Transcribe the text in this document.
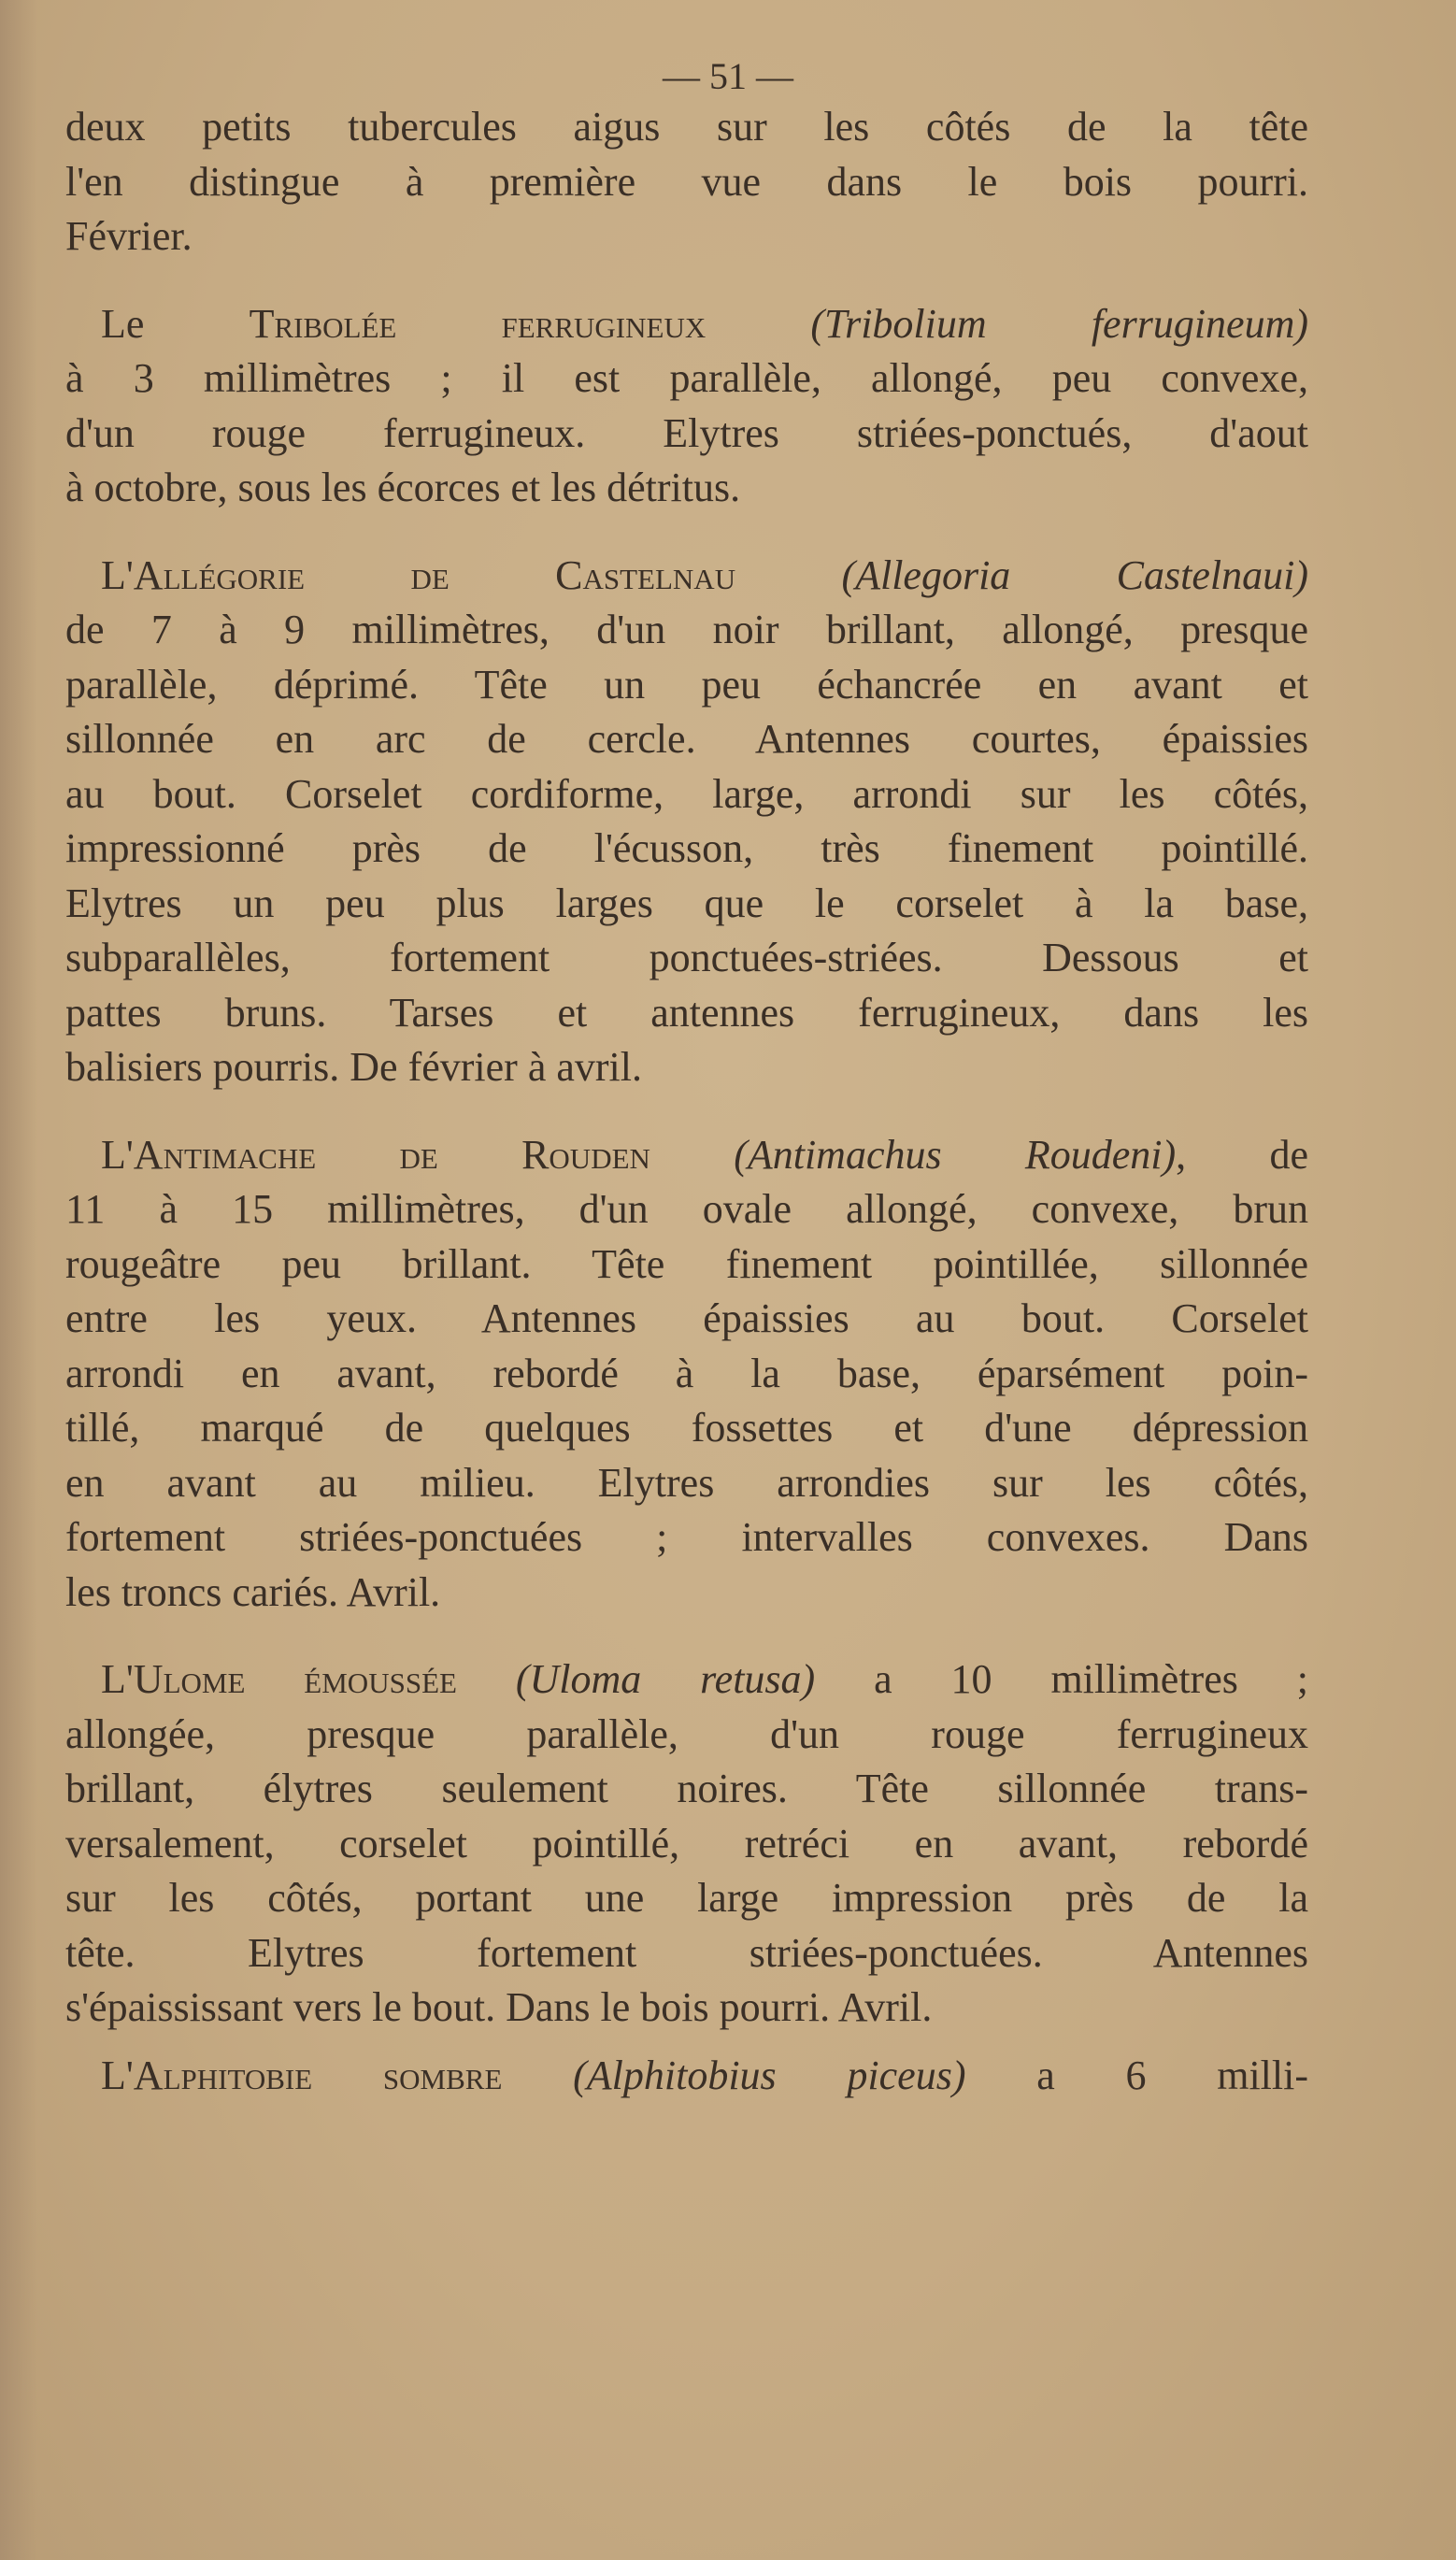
— 51 —
deux petits tubercules aigus sur les côtés de la tête
l'en distingue à première vue dans le bois pourri.
Février.
Le Tribolée ferrugineux (Tribolium ferrugineum)
à 3 millimètres ; il est parallèle, allongé, peu convexe,
d'un rouge ferrugineux. Elytres striées-ponctués, d'aout
à octobre, sous les écorces et les détritus.
L'Allégorie de Castelnau (Allegoria Castelnaui)
de 7 à 9 millimètres, d'un noir brillant, allongé, presque
parallèle, déprimé. Tête un peu échancrée en avant et
sillonnée en arc de cercle. Antennes courtes, épaissies
au bout. Corselet cordiforme, large, arrondi sur les côtés,
impressionné près de l'écusson, très finement pointillé.
Elytres un peu plus larges que le corselet à la base,
subparallèles, fortement ponctuées-striées. Dessous et
pattes bruns. Tarses et antennes ferrugineux, dans les
balisiers pourris. De février à avril.
L'Antimache de Rouden (Antimachus Roudeni), de
11 à 15 millimètres, d'un ovale allongé, convexe, brun
rougeâtre peu brillant. Tête finement pointillée, sillonnée
entre les yeux. Antennes épaissies au bout. Corselet
arrondi en avant, rebordé à la base, éparsément poin-
tillé, marqué de quelques fossettes et d'une dépression
en avant au milieu. Elytres arrondies sur les côtés,
fortement striées-ponctuées ; intervalles convexes. Dans
les troncs cariés. Avril.
L'Ulome émoussée (Uloma retusa) a 10 millimètres ;
allongée, presque parallèle, d'un rouge ferrugineux
brillant, élytres seulement noires. Tête sillonnée trans-
versalement, corselet pointillé, retréci en avant, rebordé
sur les côtés, portant une large impression près de la
tête. Elytres fortement striées-ponctuées. Antennes
s'épaississant vers le bout. Dans le bois pourri. Avril.
L'Alphitobie sombre (Alphitobius piceus) a 6 milli-
